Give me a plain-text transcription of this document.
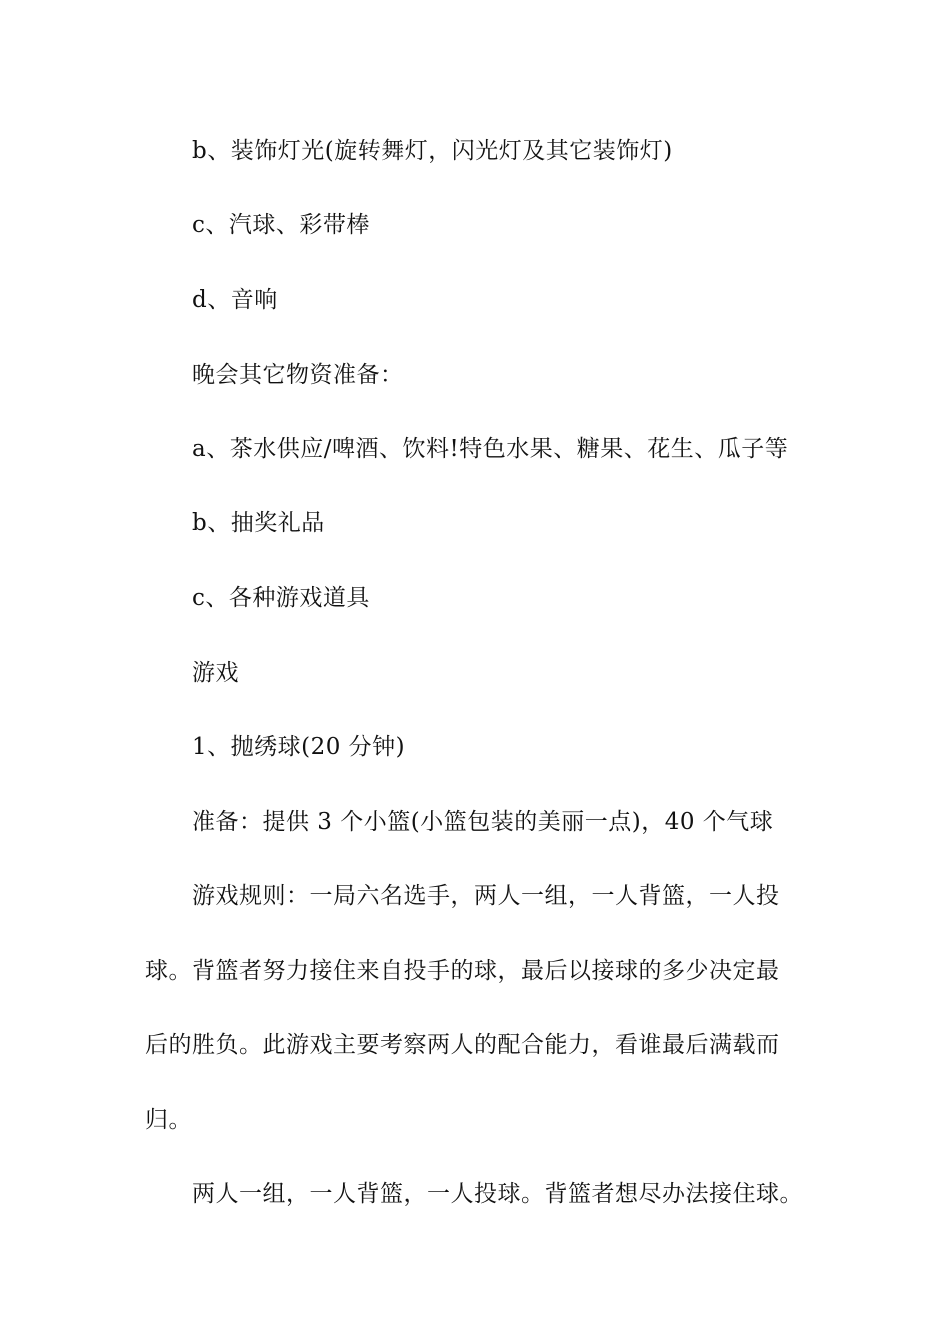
b、装饰灯光(旋转舞灯，闪光灯及其它装饰灯)
c、汽球、彩带棒
d、音响
晚会其它物资准备：
a、茶水供应/啤酒、饮料!特色水果、糖果、花生、瓜子等
b、抽奖礼品
c、各种游戏道具
游戏
1、抛绣球(20 分钟)
准备：提供 3 个小篮(小篮包装的美丽一点)，40 个气球
游戏规则：一局六名选手，两人一组，一人背篮，一人投
球。背篮者努力接住来自投手的球，最后以接球的多少决定最
后的胜负。此游戏主要考察两人的配合能力，看谁最后满载而
归。
两人一组，一人背篮，一人投球。背篮者想尽办法接住球。
